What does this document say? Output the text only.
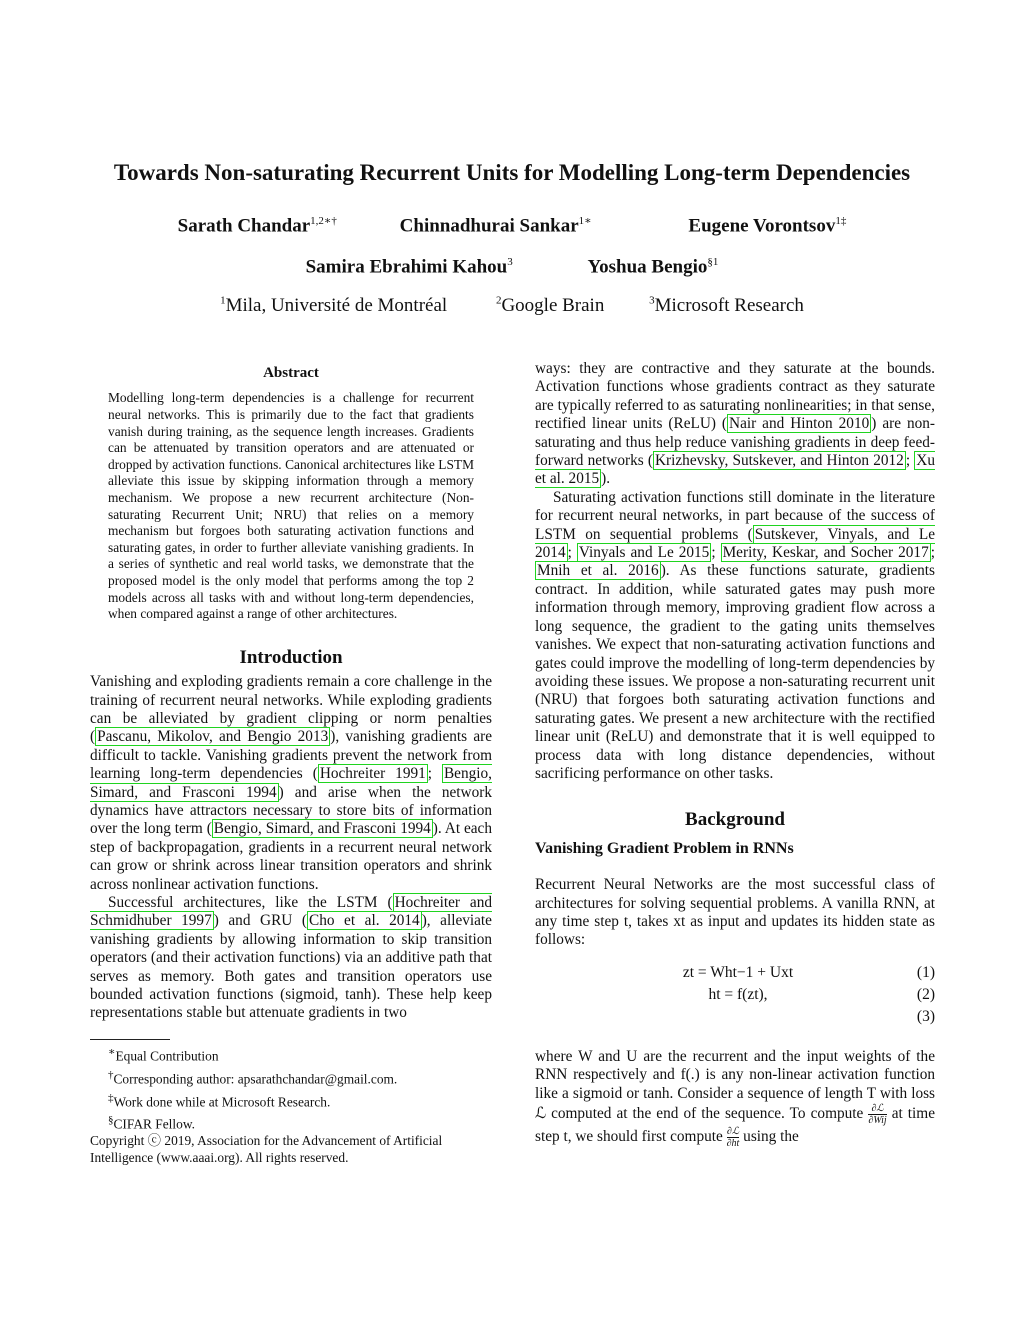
Towards Non-saturating Recurrent Units for Modelling Long-term Dependencies
Sarath Chandar$^{1,2∗\dagger}$	Chinnadhurai Sankar$^{1∗}$	Eugene Vorontsov$^{1\ddagger}$
Samira Ebrahimi Kahou$^3$	Yoshua Bengio$^{\S 1}$
$^1$Mila, Université de Montréal	$^2$Google Brain	$^3$Microsoft Research
Abstract

Modelling long-term dependencies is a challenge for recurrent neural networks. This is primarily due to the fact that gradients vanish during training, as the sequence length increases. Gradients can be attenuated by transition operators and are attenuated or dropped by activation functions. Canonical architectures like LSTM alleviate this issue by skipping information through a memory mechanism. We propose a new recurrent architecture (Non-saturating Recurrent Unit; NRU) that relies on a memory mechanism but forgoes both saturating activation functions and saturating gates, in order to further alleviate vanishing gradients. In a series of synthetic and real world tasks, we demonstrate that the proposed model is the only model that performs among the top 2 models across all tasks with and without long-term dependencies, when compared against a range of other architectures.

Introduction

Vanishing and exploding gradients remain a core challenge in the training of recurrent neural networks. While exploding gradients can be alleviated by gradient clipping or norm penalties ( Pascanu, Mikolov, and Bengio 2013 ), vanishing gradients are difficult to tackle. Vanishing gradients prevent the network from learning long-term dependencies ( Hochreiter 1991 ; Bengio, Simard, and Frasconi 1994 ) and arise when the network dynamics have attractors necessary to store bits of information over the long term ( Bengio, Simard, and Frasconi 1994 ). At each step of backpropagation, gradients in a recurrent neural network can grow or shrink across linear transition operators and shrink across nonlinear activation functions.

Successful architectures, like the LSTM ( Hochreiter and Schmidhuber 1997 ) and GRU ( Cho et al. 2014 ), alleviate vanishing gradients by allowing information to skip transition operators (and their activation functions) via an additive path that serves as memory. Both gates and transition operators use bounded activation functions (sigmoid, tanh). These help keep representations stable but attenuate gradients in two

∗Equal Contribution

†Corresponding author: apsarathchandar@gmail.com.

‡Work done while at Microsoft Research.

§CIFAR Fellow.

Copyright ⓒ 2019, Association for the Advancement of Artificial Intelligence (www.aaai.org). All rights reserved.

ways: they are contractive and they saturate at the bounds. Activation functions whose gradients contract as they saturate are typically referred to as saturating nonlinearities; in that sense, rectified linear units (ReLU) ( Nair and Hinton 2010 ) are non-saturating and thus help reduce vanishing gradients in deep feed-forward networks ( Krizhevsky, Sutskever, and Hinton 2012 ; Xu et al. 2015 ).

Saturating activation functions still dominate in the literature for recurrent neural networks, in part because of the success of LSTM on sequential problems ( Sutskever, Vinyals, and Le 2014 ; Vinyals and Le 2015 ; Merity, Keskar, and Socher 2017 ; Mnih et al. 2016 ). As these functions saturate, gradients contract. In addition, while saturated gates may push more information through memory, improving gradient flow across a long sequence, the gradient to the gating units themselves vanishes. We expect that non-saturating activation functions and gates could improve the modelling of long-term dependencies by avoiding these issues. We propose a non-saturating recurrent unit (NRU) that forgoes both saturating activation functions and saturating gates. We present a new architecture with the rectified linear unit (ReLU) and demonstrate that it is well equipped to process data with long distance dependencies, without sacrificing performance on other tasks.

Background
Vanishing Gradient Problem in RNNs

Recurrent Neural Networks are the most successful class of architectures for solving sequential problems. A vanilla RNN, at any time step t, takes xt as input and updates its hidden state as follows:

zt = Wht−1 + Uxt	(1)
ht = f(zt),	(2)
(3)

where W and U are the recurrent and the input weights of the RNN respectively and f(.) is any non-linear activation function like a sigmoid or tanh. Consider a sequence of length T with loss ℒ computed at the end of the sequence. To compute $\frac{\text{∂ℒ}}{\text{∂Wij}}$ at time step t, we should first compute $\frac{\text{∂ℒ}}{\partial ht}$ using the
